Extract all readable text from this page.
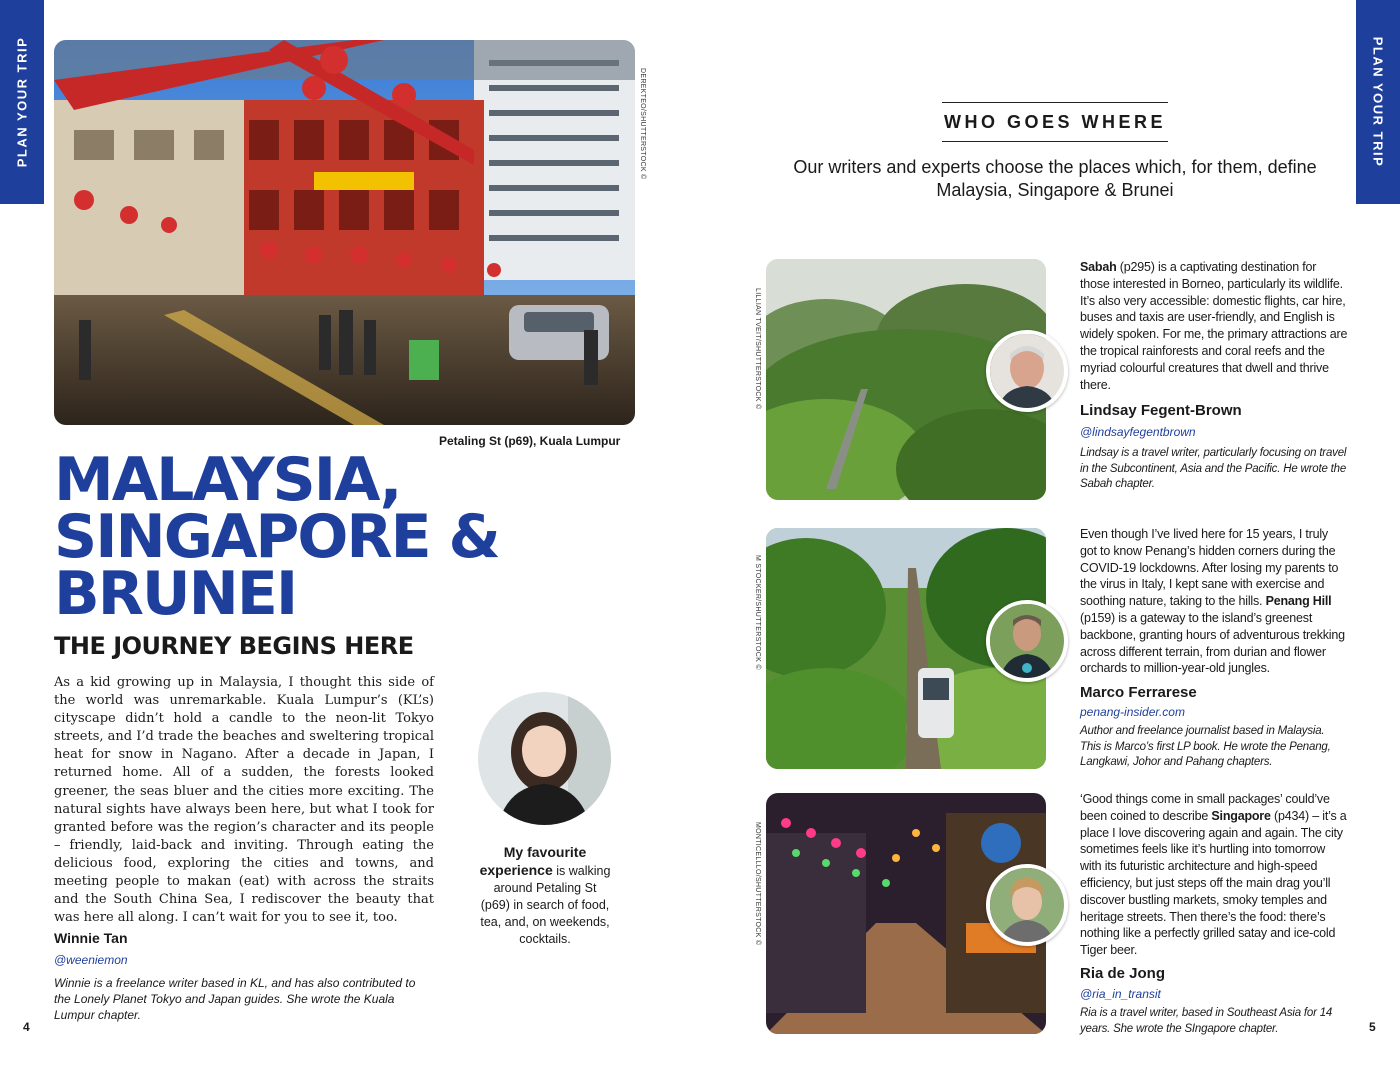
PLAN YOUR TRIP	PLAN YOUR TRIP
DEREKTEO/SHUTTERSTOCK ©
Petaling St (p69), Kuala Lumpur
MALAYSIA,
SINGAPORE &
BRUNEI
THE JOURNEY BEGINS HERE
As a kid growing up in Malaysia, I thought this side of the world was unremarkable. Kuala Lumpur’s (KL’s) cityscape didn’t hold a candle to the neon-lit Tokyo streets, and I’d trade the beaches and sweltering tropical heat for snow in Nagano. After a decade in Japan, I returned home. All of a sudden, the forests looked greener, the seas bluer and the cities more exciting. The natural sights have always been here, but what I took for granted before was the region’s character and its people – friendly, laid-back and inviting. Through eating the delicious food, exploring the cities and towns, and meeting people to makan (eat) with across the straits and the South China Sea, I rediscover the beauty that was here all along. I can’t wait for you to see it, too.
Winnie Tan
@weeniemon
Winnie is a freelance writer based in KL, and has also contributed to the Lonely Planet Tokyo and Japan guides. She wrote the Kuala Lumpur chapter.
My favourite experience is walking around Petaling St (p69) in search of food, tea, and, on weekends, cocktails.
WHO GOES WHERE
Our writers and experts choose the places which, for them, define Malaysia, Singapore & Brunei
LILLIAN TVEIT/SHUTTERSTOCK ©
Sabah (p295) is a captivating destination for those interested in Borneo, particularly its wildlife. It’s also very accessible: domestic flights, car hire, buses and taxis are user-friendly, and English is widely spoken. For me, the primary attractions are the tropical rainforests and coral reefs and the myriad colourful creatures that dwell and thrive there.
Lindsay Fegent-Brown
@lindsayfegentbrown
Lindsay is a travel writer, particularly focusing on travel in the Subcontinent, Asia and the Pacific. He wrote the Sabah chapter.
M STOCKER/SHUTTERSTOCK ©
Even though I’ve lived here for 15 years, I truly got to know Penang’s hidden corners during the COVID-19 lockdowns. After losing my parents to the virus in Italy, I kept sane with exercise and soothing nature, taking to the hills. Penang Hill (p159) is a gateway to the island’s greenest backbone, granting hours of adventurous trekking across different terrain, from durian and flower orchards to million-year-old jungles.
Marco Ferrarese
penang-insider.com
Author and freelance journalist based in Malaysia. This is Marco’s first LP book. He wrote the Penang, Langkawi, Johor and Pahang chapters.
MONTICELLLO/SHUTTERSTOCK ©
‘Good things come in small packages’ could’ve been coined to describe Singapore (p434) – it’s a place I love discovering again and again. The city sometimes feels like it’s hurtling into tomorrow with its futuristic architecture and high-speed efficiency, but just steps off the main drag you’ll discover bustling markets, smoky temples and heritage streets. Then there’s the food: there’s nothing like a perfectly grilled satay and ice-cold Tiger beer.
Ria de Jong
@ria_in_transit
Ria is a travel writer, based in Southeast Asia for 14 years. She wrote the SIngapore chapter.
4	5
